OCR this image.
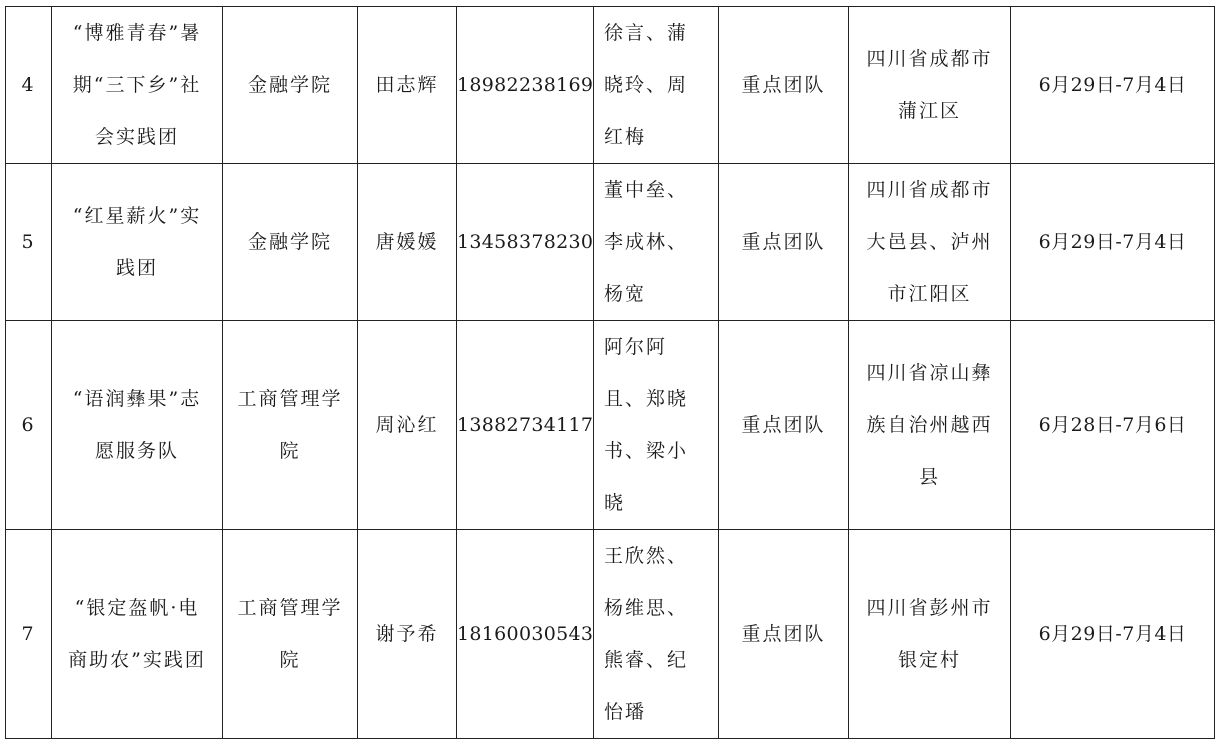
4	“博雅青春”暑
期“三下乡”社
会实践团	金融学院	田志辉	18982238169	徐言、蒲
晓玲、周
红梅	重点团队	四川省成都市
蒲江区	6月29日-7月4日
5	“红星薪火”实
践团	金融学院	唐媛媛	13458378230	董中垒、
李成林、
杨宽	重点团队	四川省成都市
大邑县、泸州
市江阳区	6月29日-7月4日
6	“语润彝果”志
愿服务队	工商管理学
院	周沁红	13882734117	阿尔阿
且、郑晓
书、梁小
晓	重点团队	四川省凉山彝
族自治州越西
县	6月28日-7月6日
7	“银定盔帆·电
商助农”实践团	工商管理学
院	谢予希	18160030543	王欣然、
杨维思、
熊睿、纪
怡璠	重点团队	四川省彭州市
银定村	6月29日-7月4日
